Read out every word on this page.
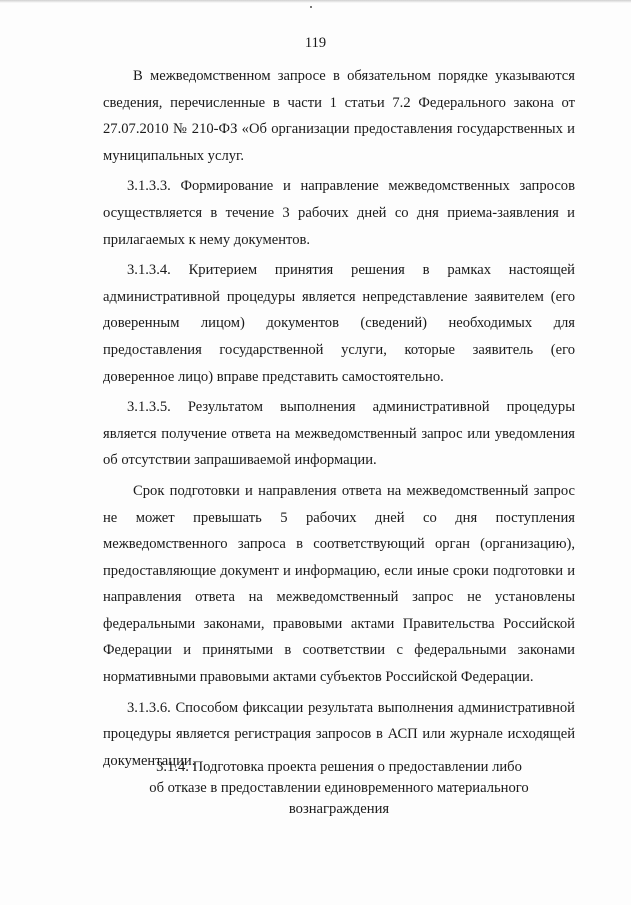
119

В межведомственном запросе в обязательном порядке указываются сведения, перечисленные в части 1 статьи 7.2 Федерального закона от 27.07.2010 № 210-ФЗ «Об организации предоставления государственных и муниципальных услуг.

3.1.3.3. Формирование и направление межведомственных запросов осуществляется в течение 3 рабочих дней со дня приема-заявления и прилагаемых к нему документов.

3.1.3.4. Критерием принятия решения в рамках настоящей административной процедуры является непредставление заявителем (его доверенным лицом) документов (сведений) необходимых для предоставления государственной услуги, которые заявитель (его доверенное лицо) вправе представить самостоятельно.

3.1.3.5. Результатом выполнения административной процедуры является получение ответа на межведомственный запрос или уведомления об отсутствии запрашиваемой информации.

Срок подготовки и направления ответа на межведомственный запрос не может превышать 5 рабочих дней со дня поступления межведомственного запроса в соответствующий орган (организацию), предоставляющие документ и информацию, если иные сроки подготовки и направления ответа на межведомственный запрос не установлены федеральными законами, правовыми актами Правительства Российской Федерации и принятыми в соответствии с федеральными законами нормативными правовыми актами субъектов Российской Федерации.

3.1.3.6. Способом фиксации результата выполнения административной процедуры является регистрация запросов в АСП или журнале исходящей документации.

3.1.4. Подготовка проекта решения о предоставлении либо
об отказе в предоставлении единовременного материального
вознаграждения
